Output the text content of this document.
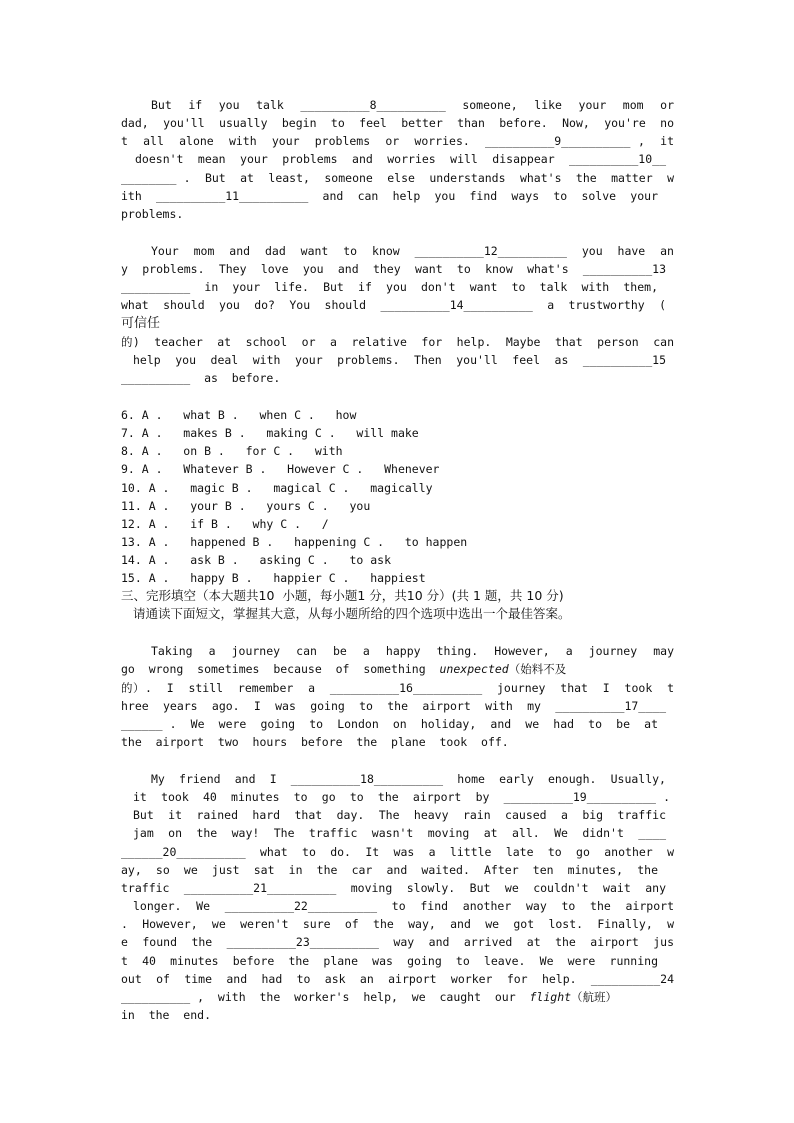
But  if  you  talk  __________8__________  someone,  like  your  mom  or
dad,  you'll  usually  begin  to  feel  better  than  before.  Now,  you're  no
t  all  alone  with  your  problems  or  worries.  __________9__________ ,  it
doesn't  mean  your  problems  and  worries  will  disappear  __________10__
________ .  But  at  least,  someone  else  understands  what's  the  matter  w
ith  __________11__________  and  can  help  you  find  ways  to  solve  your
problems.
Your  mom  and  dad  want  to  know  __________12__________  you  have  an
y  problems.  They  love  you  and  they  want  to  know  what's  __________13
__________  in  your  life.  But  if  you  don't  want  to  talk  with  them,
what  should  you  do?  You  should  __________14__________  a  trustworthy  (
可信任
的)  teacher  at  school  or  a  relative  for  help.  Maybe  that  person  can
help  you  deal  with  your  problems.  Then  you'll  feel  as  __________15
__________  as  before.
6. A .   what B .   when C .   how
7. A .   makes B .   making C .   will make
8. A .   on B .   for C .   with
9. A .   Whatever B .   However C .   Whenever
10. A .   magic B .   magical C .   magically
11. A .   your B .   yours C .   you
12. A .   if B .   why C .   /
13. A .   happened B .   happening C .   to happen
14. A .   ask B .   asking C .   to ask
15. A .   happy B .   happier C .   happiest
三、完形填空（本大题共10  小题，每小题1 分，共10 分）(共 1 题，共 10 分)
请通读下面短文，掌握其大意，从每小题所给的四个选项中选出一个最佳答案。
Taking  a  journey  can  be  a  happy  thing.  However,  a  journey  may
go  wrong  sometimes  because  of  something  unexpected（始料不及
的）.  I  still  remember  a  __________16__________  journey  that  I  took  t
hree  years  ago.  I  was  going  to  the  airport  with  my  __________17____
______ .  We  were  going  to  London  on  holiday,  and  we  had  to  be  at
the  airport  two  hours  before  the  plane  took  off.
My  friend  and  I  __________18__________  home  early  enough.  Usually,
it  took  40  minutes  to  go  to  the  airport  by  __________19__________ .
But  it  rained  hard  that  day.  The  heavy  rain  caused  a  big  traffic
jam  on  the  way!  The  traffic  wasn't  moving  at  all.  We  didn't  ____
______20__________  what  to  do.  It  was  a  little  late  to  go  another  w
ay,  so  we  just  sat  in  the  car  and  waited.  After  ten  minutes,  the
traffic  __________21__________  moving  slowly.  But  we  couldn't  wait  any
longer.  We  __________22__________  to  find  another  way  to  the  airport
.  However,  we  weren't  sure  of  the  way,  and  we  got  lost.  Finally,  w
e  found  the  __________23__________  way  and  arrived  at  the  airport  jus
t  40  minutes  before  the  plane  was  going  to  leave.  We  were  running
out  of  time  and  had  to  ask  an  airport  worker  for  help.  __________24
__________ ,  with  the  worker's  help,  we  caught  our  flight（航班）
in  the  end.
